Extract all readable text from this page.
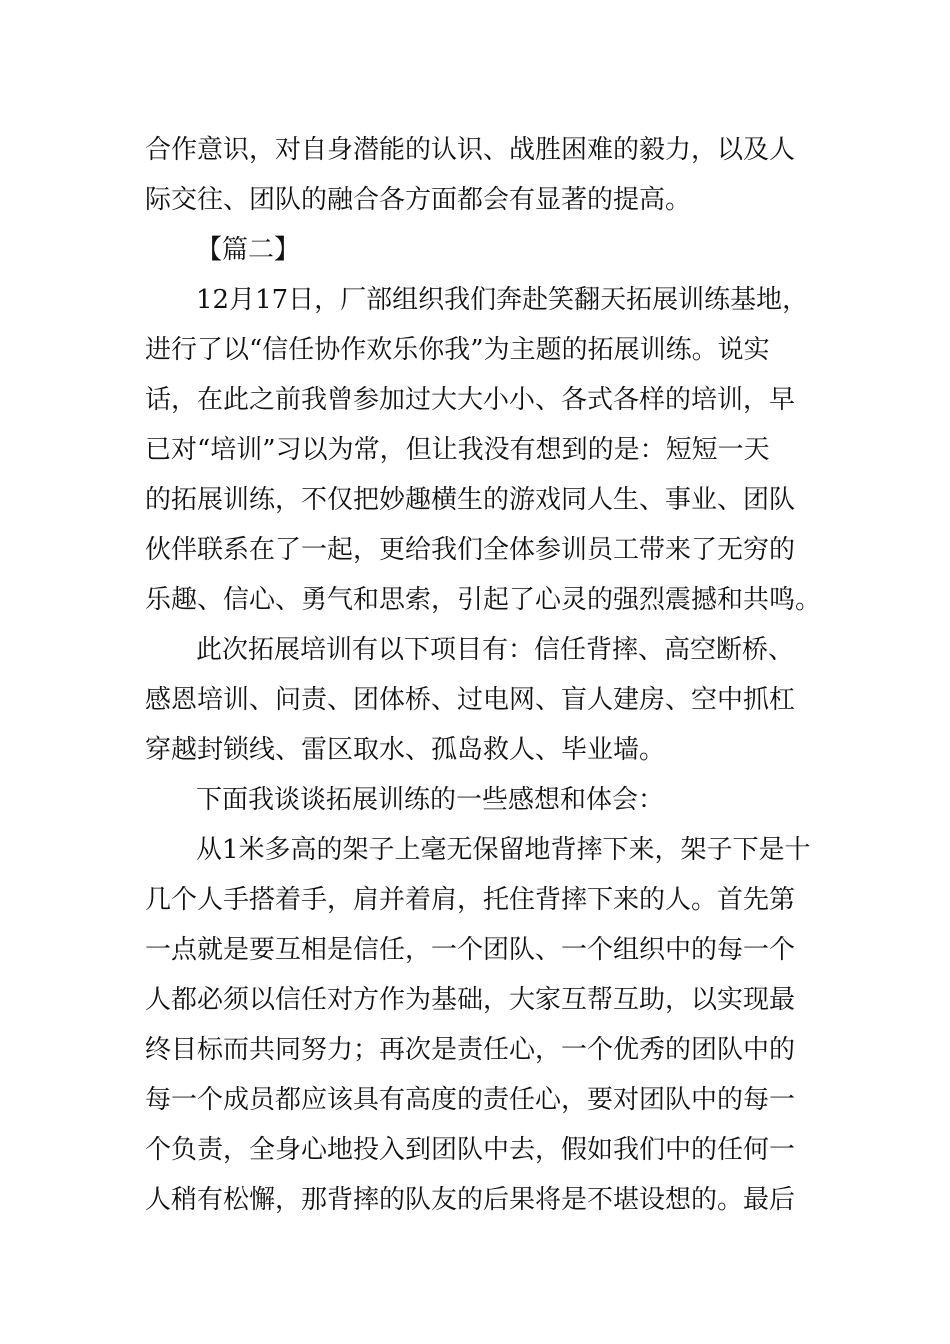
合作意识，对自身潜能的认识、战胜困难的毅力，以及人
际交往、团队的融合各方面都会有显著的提高。
【篇二】
12月17日，厂部组织我们奔赴笑翻天拓展训练基地，
进行了以“信任协作欢乐你我”为主题的拓展训练。说实
话，在此之前我曾参加过大大小小、各式各样的培训，早
已对“培训”习以为常，但让我没有想到的是：短短一天
的拓展训练，不仅把妙趣横生的游戏同人生、事业、团队
伙伴联系在了一起，更给我们全体参训员工带来了无穷的
乐趣、信心、勇气和思索，引起了心灵的强烈震撼和共鸣。
此次拓展培训有以下项目有：信任背摔、高空断桥、
感恩培训、问责、团体桥、过电网、盲人建房、空中抓杠
穿越封锁线、雷区取水、孤岛救人、毕业墙。
下面我谈谈拓展训练的一些感想和体会：
从1米多高的架子上毫无保留地背摔下来，架子下是十
几个人手搭着手，肩并着肩，托住背摔下来的人。首先第
一点就是要互相是信任，一个团队、一个组织中的每一个
人都必须以信任对方作为基础，大家互帮互助，以实现最
终目标而共同努力；再次是责任心，一个优秀的团队中的
每一个成员都应该具有高度的责任心，要对团队中的每一
个负责，全身心地投入到团队中去，假如我们中的任何一
人稍有松懈，那背摔的队友的后果将是不堪设想的。最后
